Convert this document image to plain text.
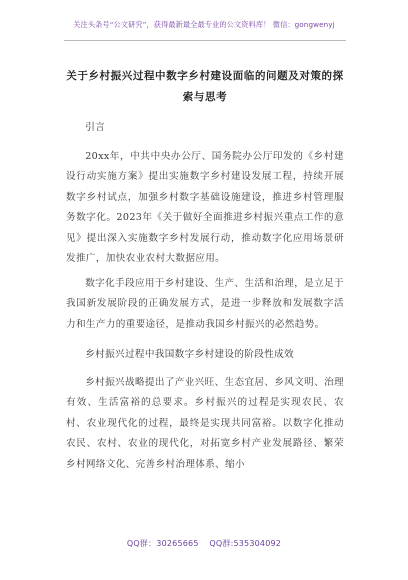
关注头条号“公文研究”，获得最新最全最专业的公文资料库！ 微信：gongwenyj
关于乡村振兴过程中数字乡村建设面临的问题及对策的探索与思考

引言

20xx年，中共中央办公厅、国务院办公厅印发的《乡村建设行动实施方案》提出实施数字乡村建设发展工程，持续开展数字乡村试点，加强乡村数字基础设施建设，推进乡村管理服务数字化。2023年《关于做好全面推进乡村振兴重点工作的意见》提出深入实施数字乡村发展行动，推动数字化应用场景研发推广，加快农业农村大数据应用。

数字化手段应用于乡村建设、生产、生活和治理，是立足于我国新发展阶段的正确发展方式，是进一步释放和发展数字活力和生产力的重要途径，是推动我国乡村振兴的必然趋势。

乡村振兴过程中我国数字乡村建设的阶段性成效

乡村振兴战略提出了产业兴旺、生态宜居、乡风文明、治理有效、生活富裕的总要求。乡村振兴的过程是实现农民、农村、农业现代化的过程，最终是实现共同富裕。以数字化推动农民、农村、农业的现代化，对拓宽乡村产业发展路径、繁荣乡村网络文化、完善乡村治理体系、缩小

QQ群：30265665 QQ群:535304092
